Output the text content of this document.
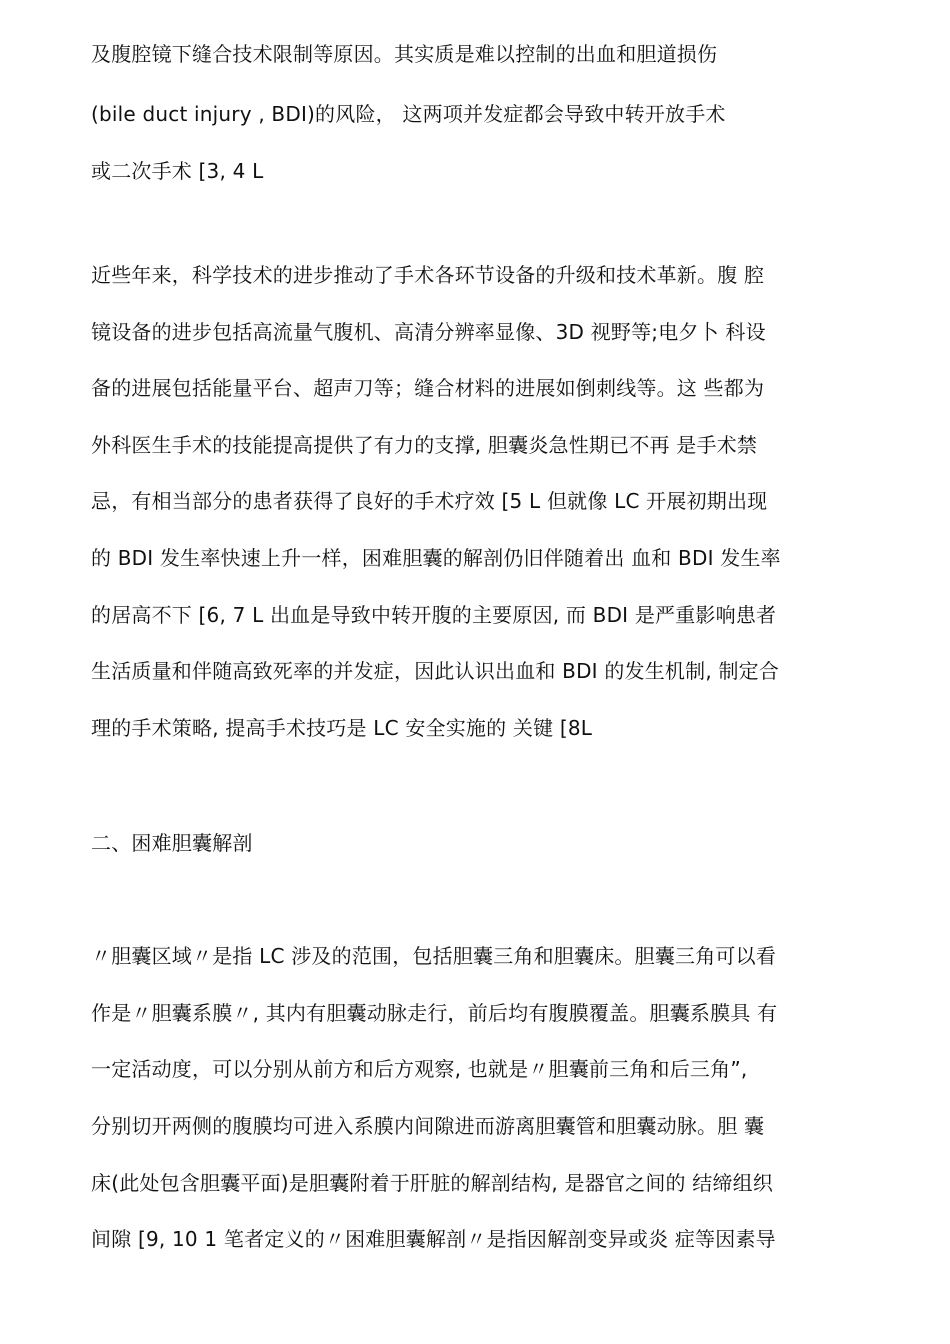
及腹腔镜下缝合技术限制等原因。其实质是难以控制的出血和胆道损伤
(bile duct injury , BDI)的风险， 这两项并发症都会导致中转开放手术
或二次手术 [3, 4 L
近些年来，科学技术的进步推动了手术各环节设备的升级和技术革新。腹 腔
镜设备的进步包括高流量气腹机、高清分辨率显像、3D 视野等;电夕卜 科设
备的进展包括能量平台、超声刀等；缝合材料的进展如倒刺线等。这 些都为
外科医生手术的技能提高提供了有力的支撑, 胆囊炎急性期已不再 是手术禁
忌，有相当部分的患者获得了良好的手术疗效 [5 L 但就像 LC 开展初期出现
的 BDI 发生率快速上升一样，困难胆囊的解剖仍旧伴随着出 血和 BDI 发生率
的居高不下 [6, 7 L 出血是导致中转开腹的主要原因, 而 BDI 是严重影响患者
生活质量和伴随高致死率的并发症，因此认识出血和 BDI 的发生机制, 制定合
理的手术策略, 提高手术技巧是 LC 安全实施的 关键 [8L
二、困难胆囊解剖
〃胆囊区域〃是指 LC 涉及的范围，包括胆囊三角和胆囊床。胆囊三角可以看
作是〃胆囊系膜〃, 其内有胆囊动脉走行，前后均有腹膜覆盖。胆囊系膜具 有
一定活动度，可以分别从前方和后方观察, 也就是〃胆囊前三角和后三角”,
分别切开两侧的腹膜均可进入系膜内间隙进而游离胆囊管和胆囊动脉。胆 囊
床(此处包含胆囊平面)是胆囊附着于肝脏的解剖结构, 是器官之间的 结缔组织
间隙 [9, 10 1 笔者定义的〃困难胆囊解剖〃是指因解剖变异或炎 症等因素导
